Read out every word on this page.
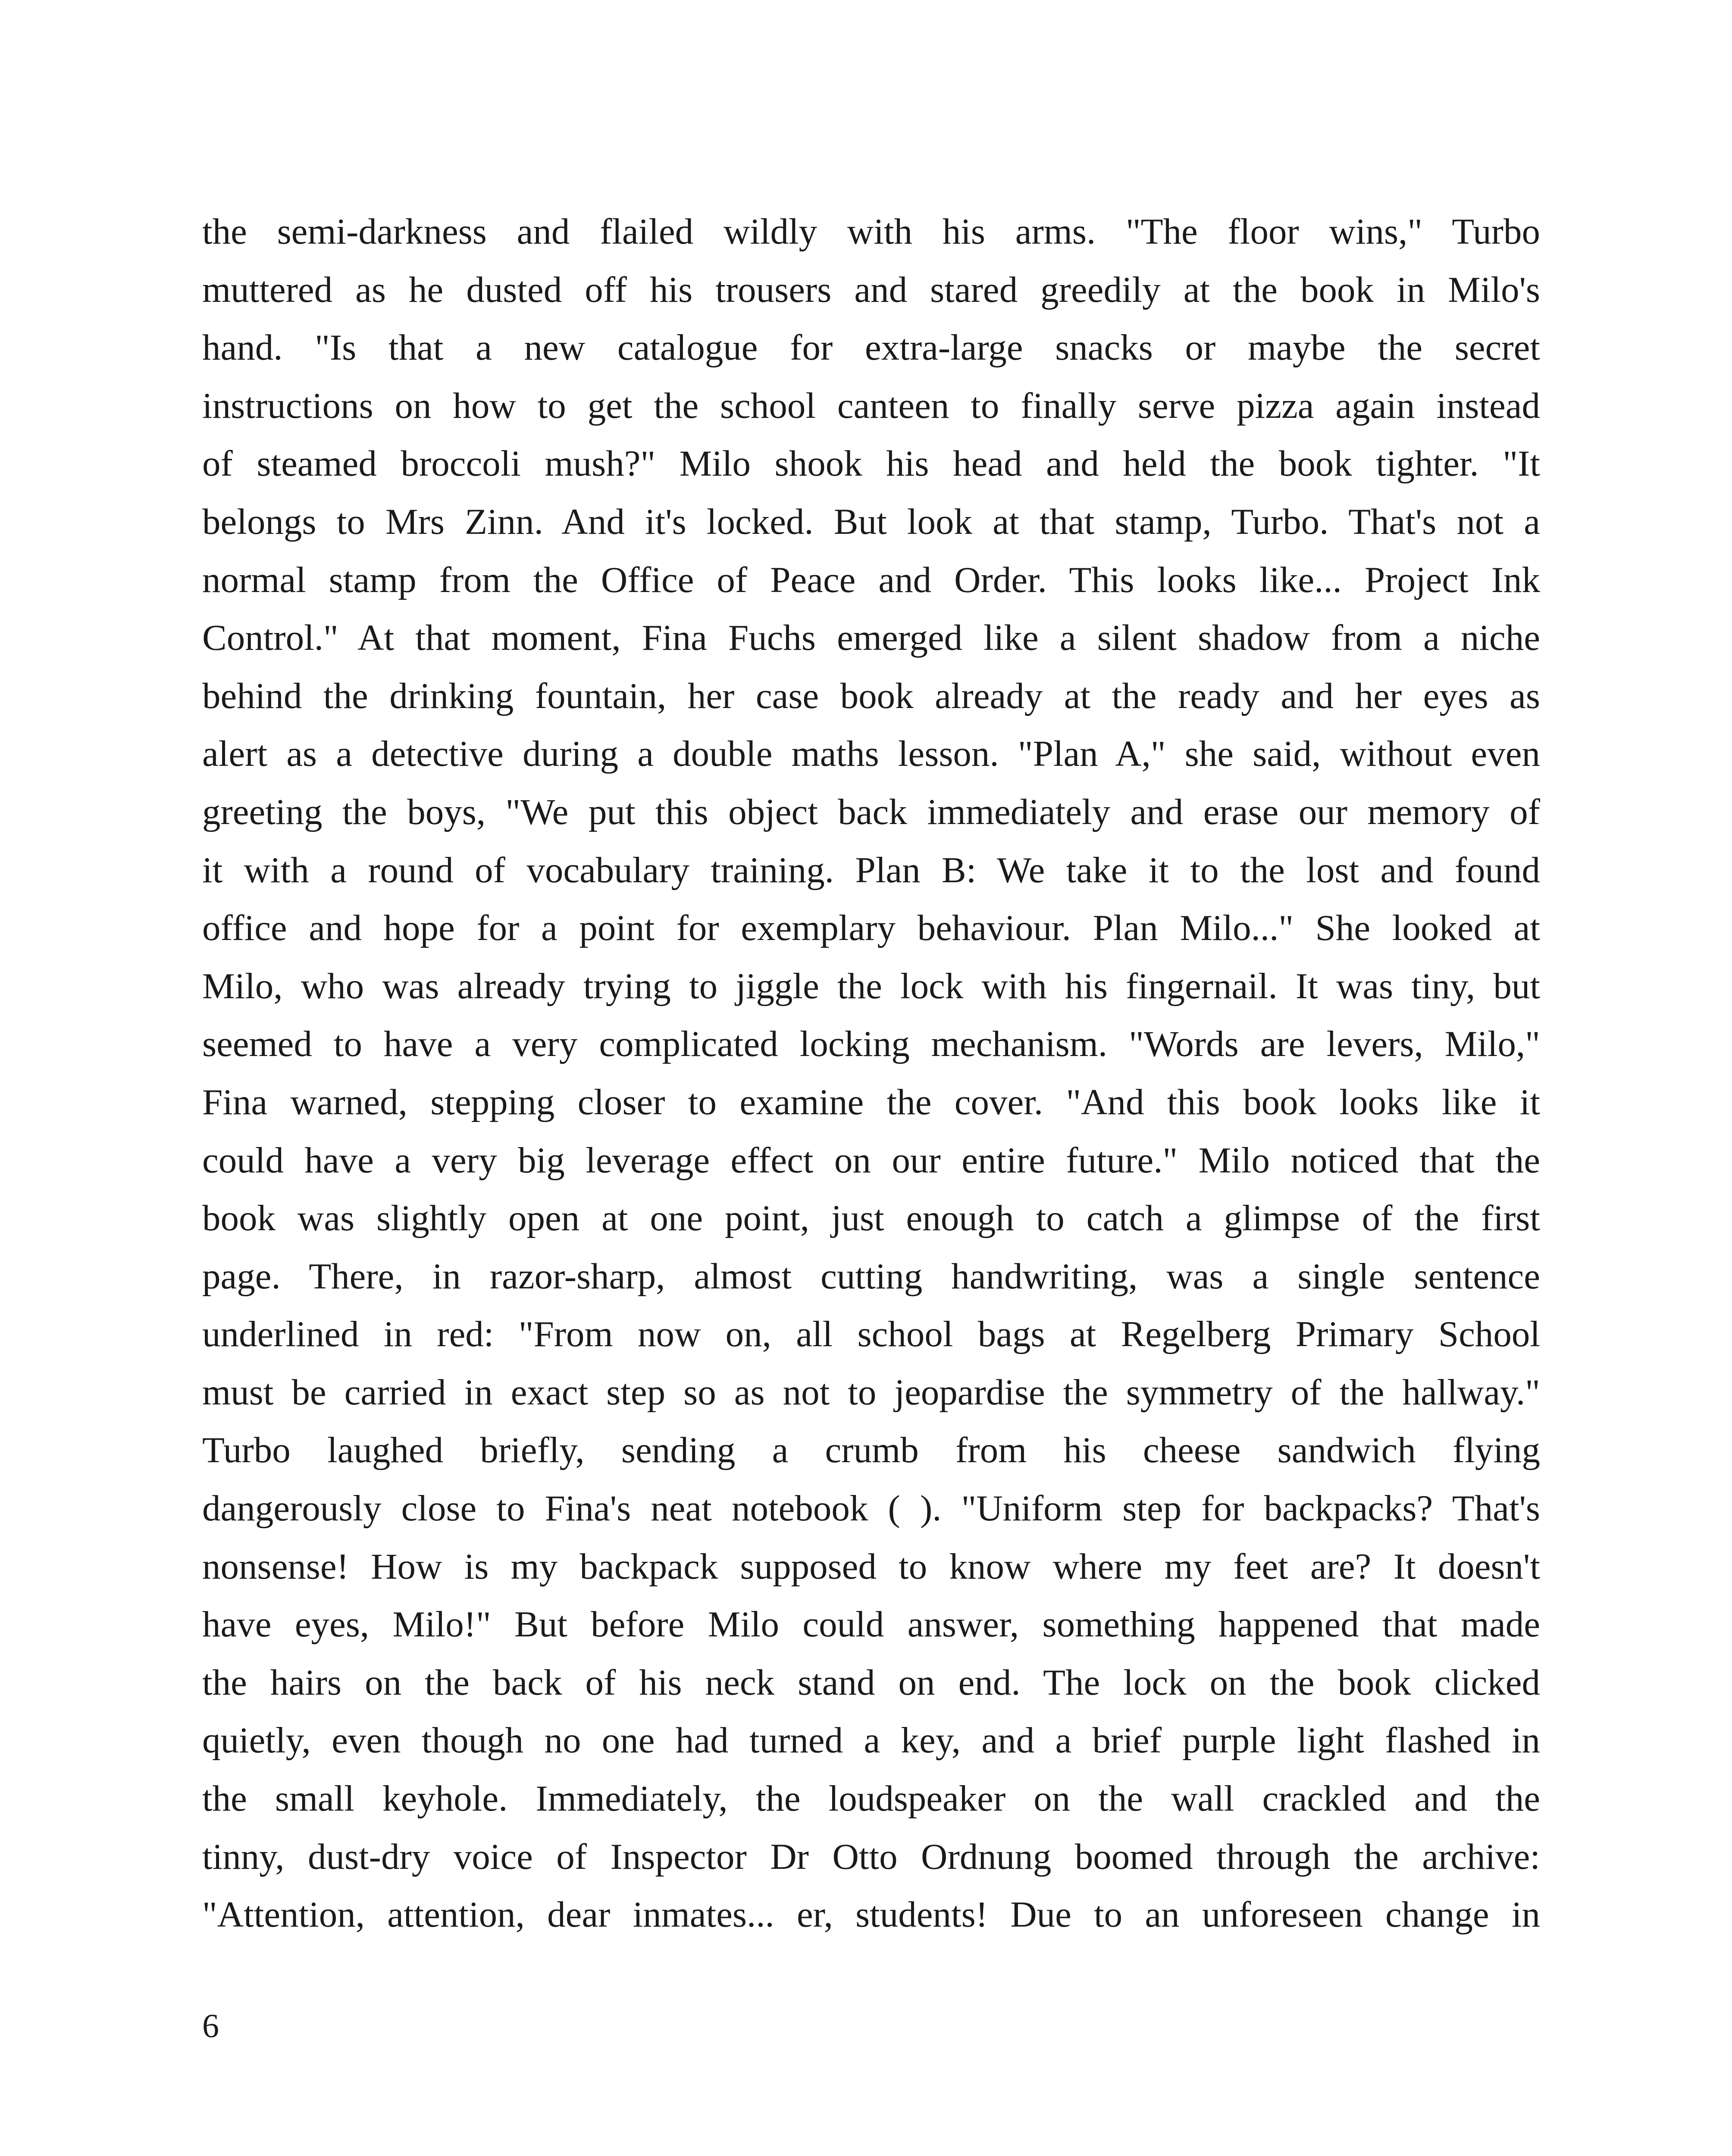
the semi-darkness and flailed wildly with his arms. "The floor wins," Turbo
muttered as he dusted off his trousers and stared greedily at the book in Milo's
hand. "Is that a new catalogue for extra-large snacks or maybe the secret
instructions on how to get the school canteen to finally serve pizza again instead
of steamed broccoli mush?" Milo shook his head and held the book tighter. "It
belongs to Mrs Zinn. And it's locked. But look at that stamp, Turbo. That's not a
normal stamp from the Office of Peace and Order. This looks like... Project Ink
Control." At that moment, Fina Fuchs emerged like a silent shadow from a niche
behind the drinking fountain, her case book already at the ready and her eyes as
alert as a detective during a double maths lesson. "Plan A," she said, without even
greeting the boys, "We put this object back immediately and erase our memory of
it with a round of vocabulary training. Plan B: We take it to the lost and found
office and hope for a point for exemplary behaviour. Plan Milo..." She looked at
Milo, who was already trying to jiggle the lock with his fingernail. It was tiny, but
seemed to have a very complicated locking mechanism. "Words are levers, Milo,"
Fina warned, stepping closer to examine the cover. "And this book looks like it
could have a very big leverage effect on our entire future." Milo noticed that the
book was slightly open at one point, just enough to catch a glimpse of the first
page. There, in razor-sharp, almost cutting handwriting, was a single sentence
underlined in red: "From now on, all school bags at Regelberg Primary School
must be carried in exact step so as not to jeopardise the symmetry of the hallway."
Turbo laughed briefly, sending a crumb from his cheese sandwich flying
dangerously close to Fina's neat notebook ( ). "Uniform step for backpacks? That's
nonsense! How is my backpack supposed to know where my feet are? It doesn't
have eyes, Milo!" But before Milo could answer, something happened that made
the hairs on the back of his neck stand on end. The lock on the book clicked
quietly, even though no one had turned a key, and a brief purple light flashed in
the small keyhole. Immediately, the loudspeaker on the wall crackled and the
tinny, dust-dry voice of Inspector Dr Otto Ordnung boomed through the archive:
"Attention, attention, dear inmates... er, students! Due to an unforeseen change in
6
